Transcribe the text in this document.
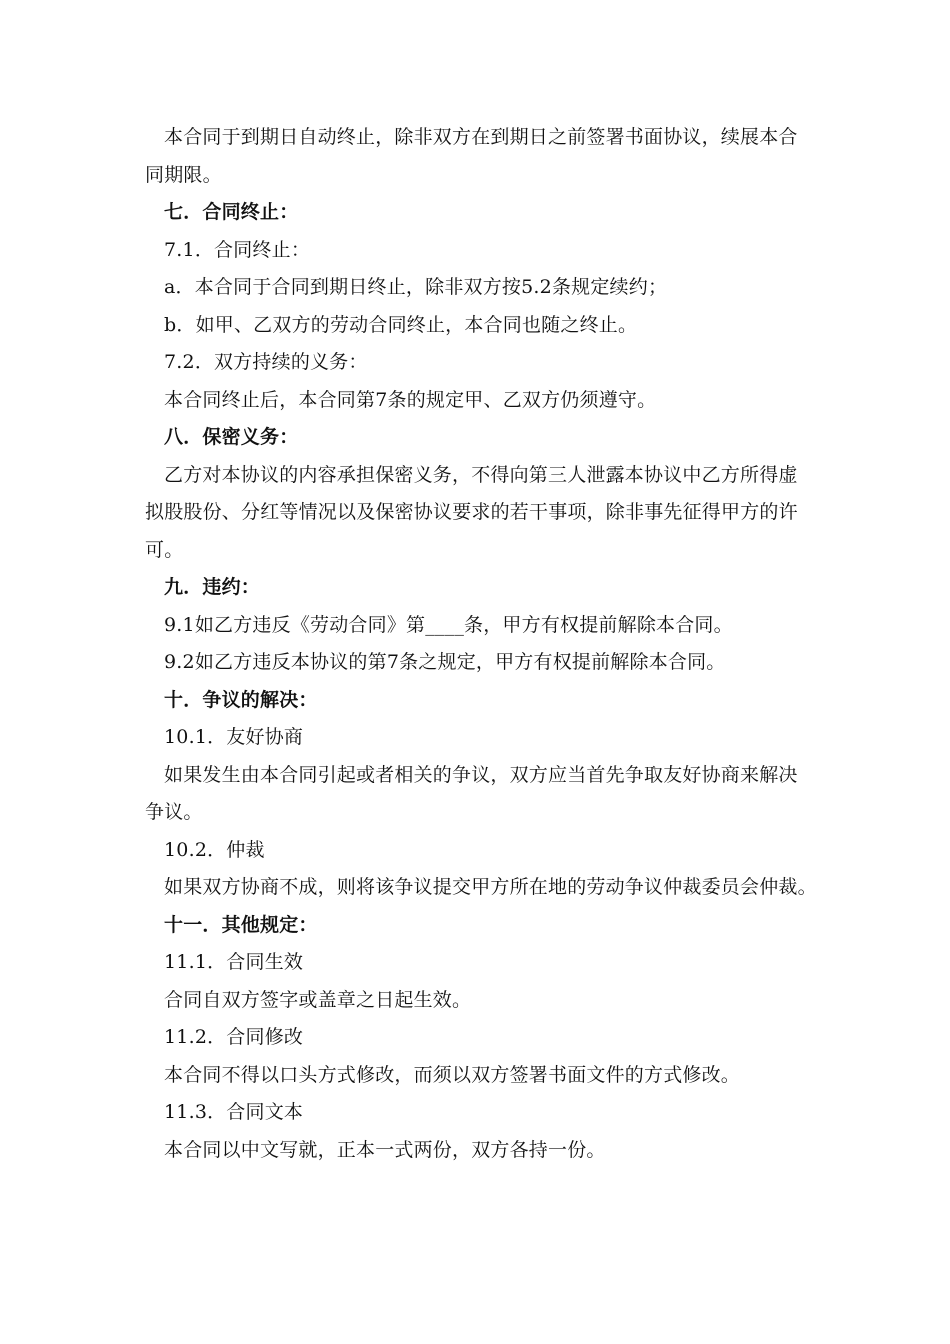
本合同于到期日自动终止，除非双方在到期日之前签署书面协议，续展本合
同期限。
七．合同终止：
7.1．合同终止：
a．本合同于合同到期日终止，除非双方按5.2条规定续约；
b．如甲、乙双方的劳动合同终止，本合同也随之终止。
7.2．双方持续的义务：
本合同终止后，本合同第7条的规定甲、乙双方仍须遵守。
八．保密义务：
乙方对本协议的内容承担保密义务，不得向第三人泄露本协议中乙方所得虚
拟股股份、分红等情况以及保密协议要求的若干事项，除非事先征得甲方的许
可。
九．违约：
9.1如乙方违反《劳动合同》第____条，甲方有权提前解除本合同。
9.2如乙方违反本协议的第7条之规定，甲方有权提前解除本合同。
十．争议的解决：
10.1．友好协商
如果发生由本合同引起或者相关的争议，双方应当首先争取友好协商来解决
争议。
10.2．仲裁
如果双方协商不成，则将该争议提交甲方所在地的劳动争议仲裁委员会仲裁。
十一．其他规定：
11.1．合同生效
合同自双方签字或盖章之日起生效。
11.2．合同修改
本合同不得以口头方式修改，而须以双方签署书面文件的方式修改。
11.3．合同文本
本合同以中文写就，正本一式两份，双方各持一份。
